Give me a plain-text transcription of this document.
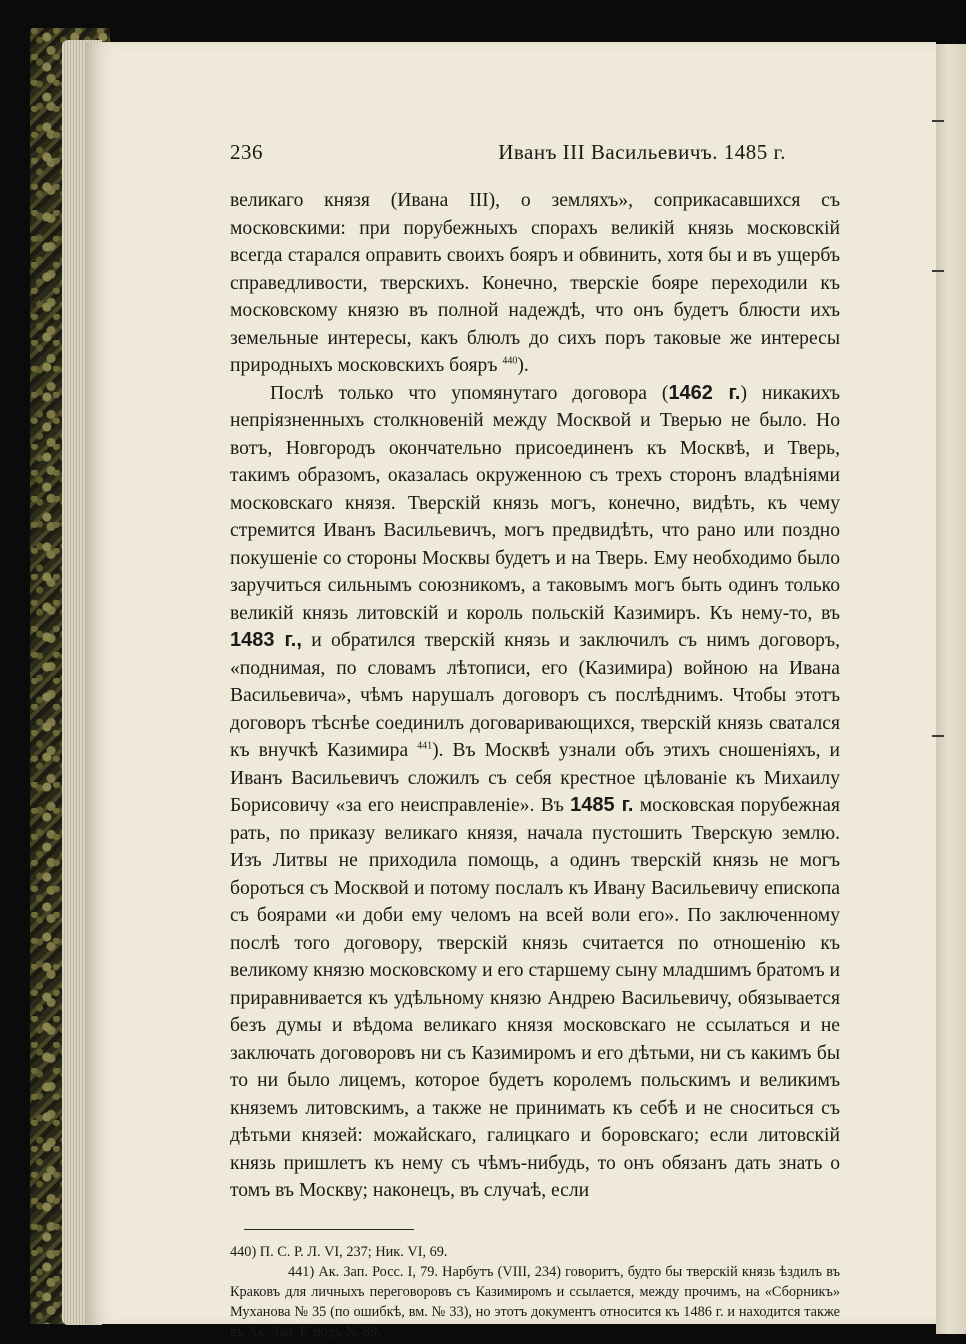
236	Иванъ III Васильевичъ. 1485 г.

великаго князя (Ивана III), о земляхъ», соприкасавшихся съ московскими: при порубежныхъ спорахъ великій князь московскій всегда старался оправить своихъ бояръ и обвинить, хотя бы и въ ущербъ справедливости, тверскихъ. Конечно, тверскіе бояре переходили къ московскому князю въ полной надеждѣ, что онъ будетъ блюсти ихъ земельные интересы, какъ блюлъ до сихъ поръ таковые же интересы природныхъ московскихъ бояръ $^{440}$).

Послѣ только что упомянутаго договора (1462 г.) никакихъ непріязненныхъ столкновеній между Москвой и Тверью не было. Но вотъ, Новгородъ окончательно присоединенъ къ Москвѣ, и Тверь, такимъ образомъ, оказалась окруженною съ трехъ сторонъ владѣніями московскаго князя. Тверскій князь могъ, конечно, видѣть, къ чему стремится Иванъ Васильевичъ, могъ предвидѣть, что рано или поздно покушеніе со стороны Москвы будетъ и на Тверь. Ему необходимо было заручиться сильнымъ союзникомъ, а таковымъ могъ быть одинъ только великій князь литовскій и король польскій Казимиръ. Къ нему-то, въ 1483 г., и обратился тверскій князь и заключилъ съ нимъ договоръ, «поднимая, по словамъ лѣтописи, его (Казимира) войною на Ивана Васильевича», чѣмъ нарушалъ договоръ съ послѣднимъ. Чтобы этотъ договоръ тѣснѣе соединилъ договаривающихся, тверскій князь сватался къ внучкѣ Казимира $^{441}$). Въ Москвѣ узнали объ этихъ сношеніяхъ, и Иванъ Васильевичъ сложилъ съ себя крестное цѣлованіе къ Михаилу Борисовичу «за его неисправленіе». Въ 1485 г. московская порубежная рать, по приказу великаго князя, начала пустошить Тверскую землю. Изъ Литвы не приходила помощь, а одинъ тверскій князь не могъ бороться съ Москвой и потому послалъ къ Ивану Васильевичу епископа съ боярами «и доби ему челомъ на всей воли его». По заключенному послѣ того договору, тверскій князь считается по отношенію къ великому князю московскому и его старшему сыну младшимъ братомъ и приравнивается къ удѣльному князю Андрею Васильевичу, обязывается безъ думы и вѣдома великаго князя московскаго не ссылаться и не заключать договоровъ ни съ Казимиромъ и его дѣтьми, ни съ какимъ бы то ни было лицемъ, которое будетъ королемъ польскимъ и великимъ княземъ литовскимъ, а также не принимать къ себѣ и не сноситься съ дѣтьми князей: можайскаго, галицкаго и боровскаго; если литовскій князь пришлетъ къ нему съ чѣмъ-нибудь, то онъ обязанъ дать знать о томъ въ Москву; наконецъ, въ случаѣ, если

440) П. С. Р. Л. VI, 237; Ник. VI, 69.

441) Ак. Зап. Росс. I, 79. Нарбутъ (VIII, 234) говоритъ, будто бы тверскій князь ѣздилъ въ Краковъ для личныхъ переговоровъ съ Казимиромъ и ссылается, между прочимъ, на «Сборникъ» Муханова № 35 (по ошибкѣ, вм. № 33), но этотъ документъ относится къ 1486 г. и находится также въ Ак. Зап. Р. подъ № 89.
